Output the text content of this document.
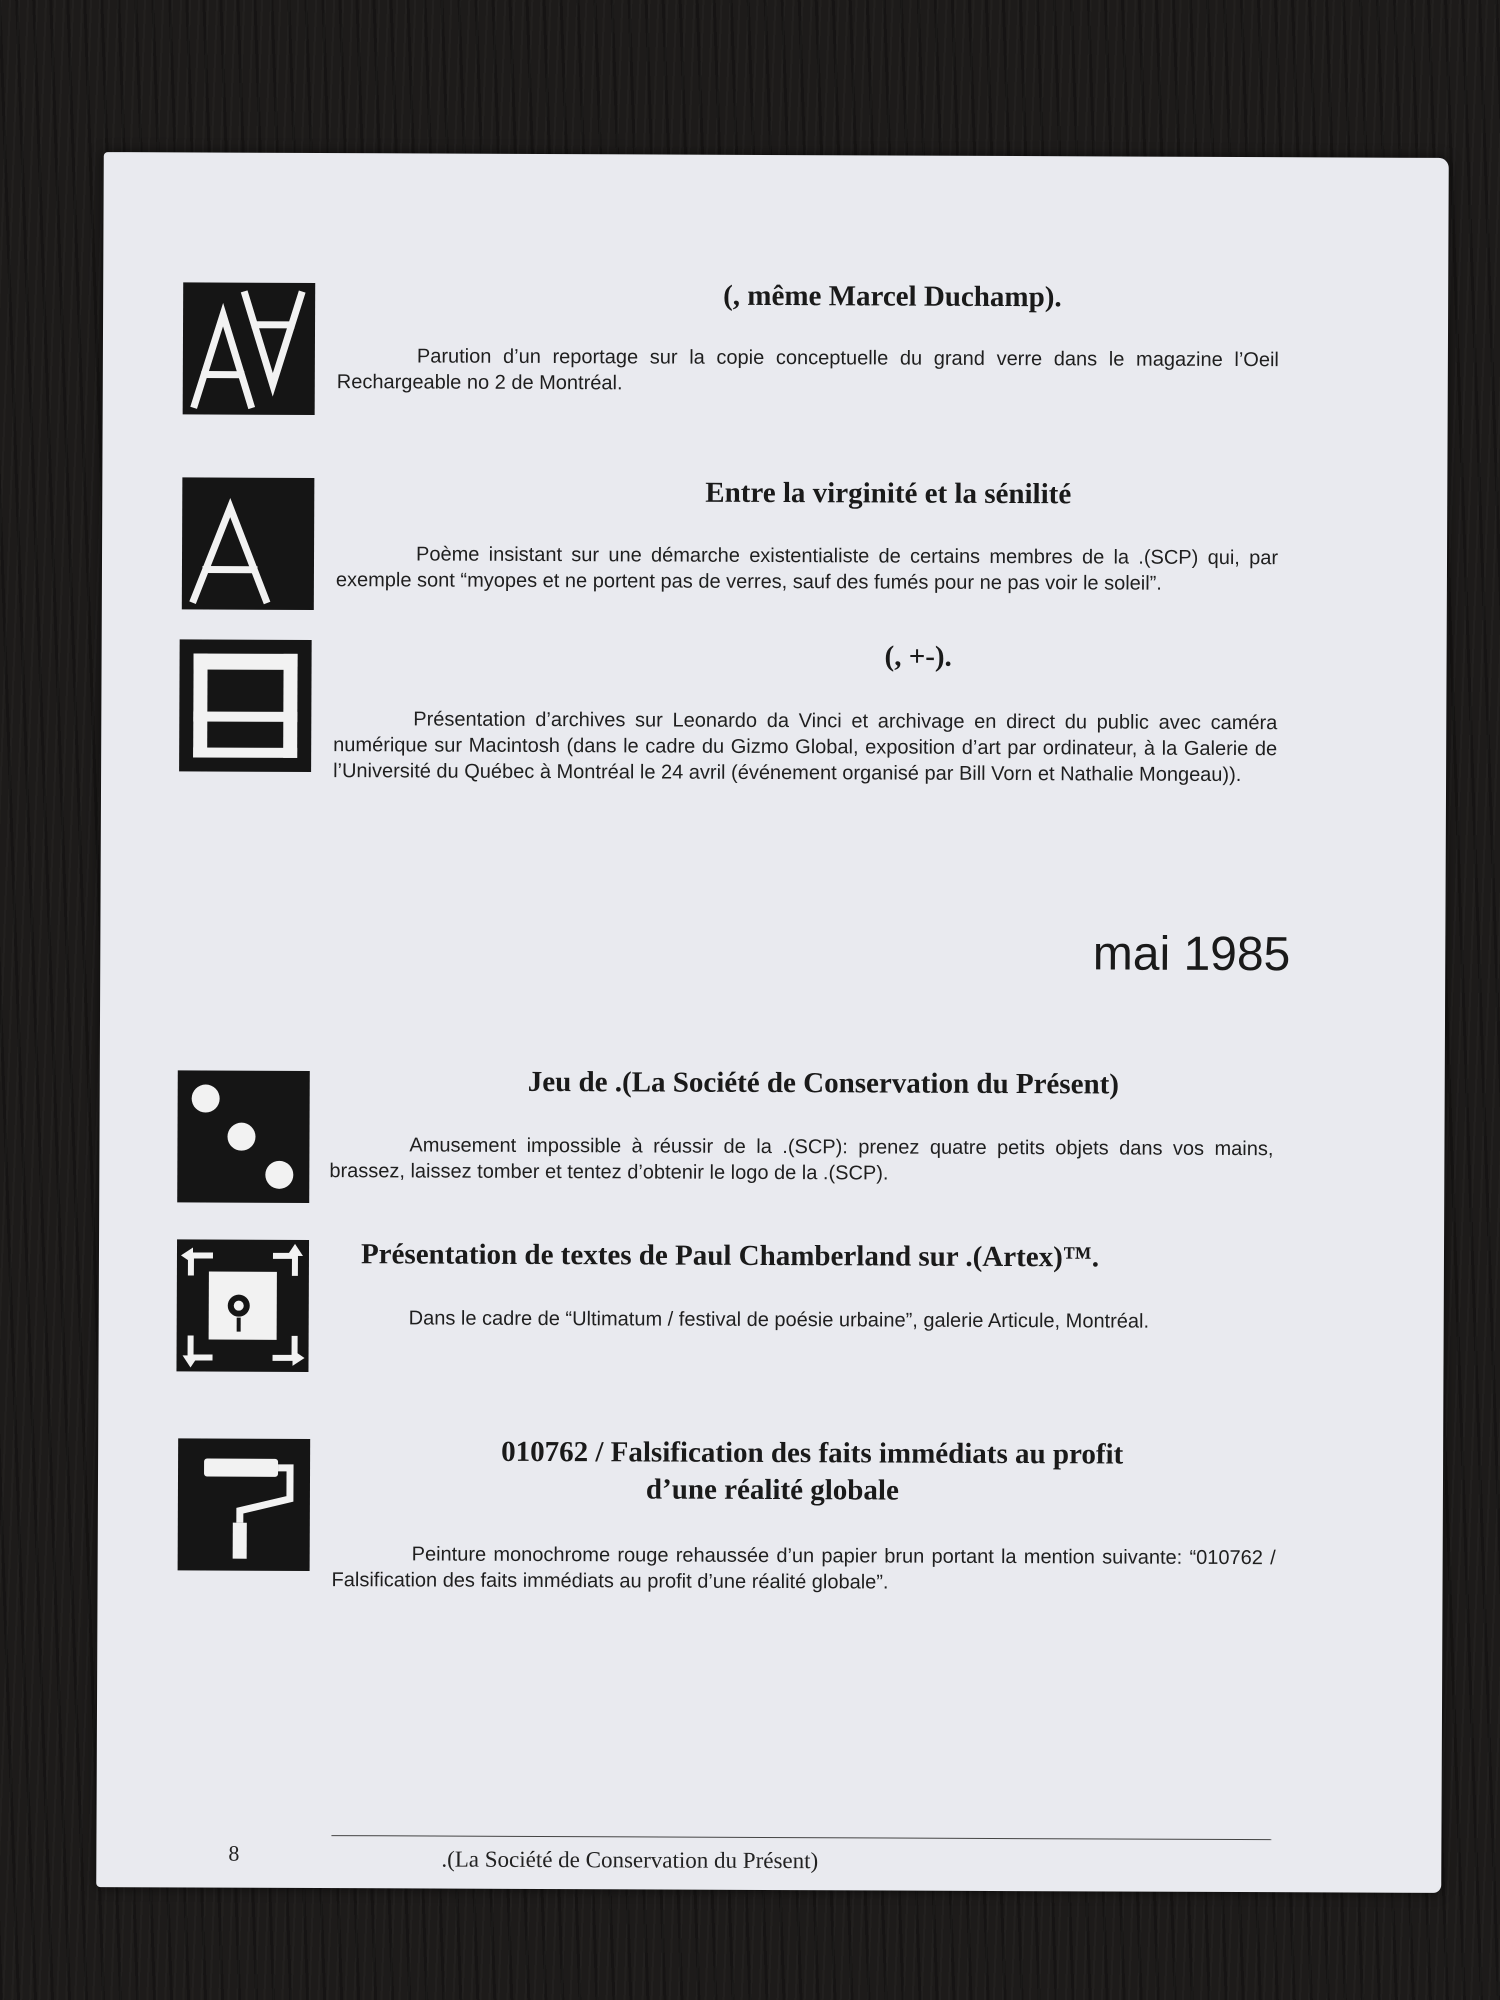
(, même Marcel Duchamp).
Parution d’un reportage sur la copie conceptuelle du grand verre dans le magazine l’Oeil Rechargeable no 2 de Montréal.
Entre la virginité et la sénilité
Poème insistant sur une démarche existentialiste de certains membres de la .(SCP) qui, par exemple sont “myopes et ne portent pas de verres, sauf des fumés pour ne pas voir le soleil”.
(, +-).
Présentation d’archives sur Leonardo da Vinci et archivage en direct du public avec caméra numérique sur Macintosh (dans le cadre du Gizmo Global, exposition d’art par ordinateur, à la Galerie de l’Université du Québec à Montréal le 24 avril (événement organisé par Bill Vorn et Nathalie Mongeau)).
mai 1985
Jeu de .(La Société de Conservation du Présent)
Amusement impossible à réussir de la .(SCP): prenez quatre petits objets dans vos mains, brassez, laissez tomber et tentez d’obtenir le logo de la .(SCP).
Présentation de textes de Paul Chamberland sur .(Artex)™.
Dans le cadre de “Ultimatum / festival de poésie urbaine”, galerie Articule, Montréal.
010762 / Falsification des faits immédiats au profit
d’une réalité globale
Peinture monochrome rouge rehaussée d’un papier brun portant la mention suivante: “010762 / Falsification des faits immédiats au profit d’une réalité globale”.
8	.(La Société de Conservation du Présent)
